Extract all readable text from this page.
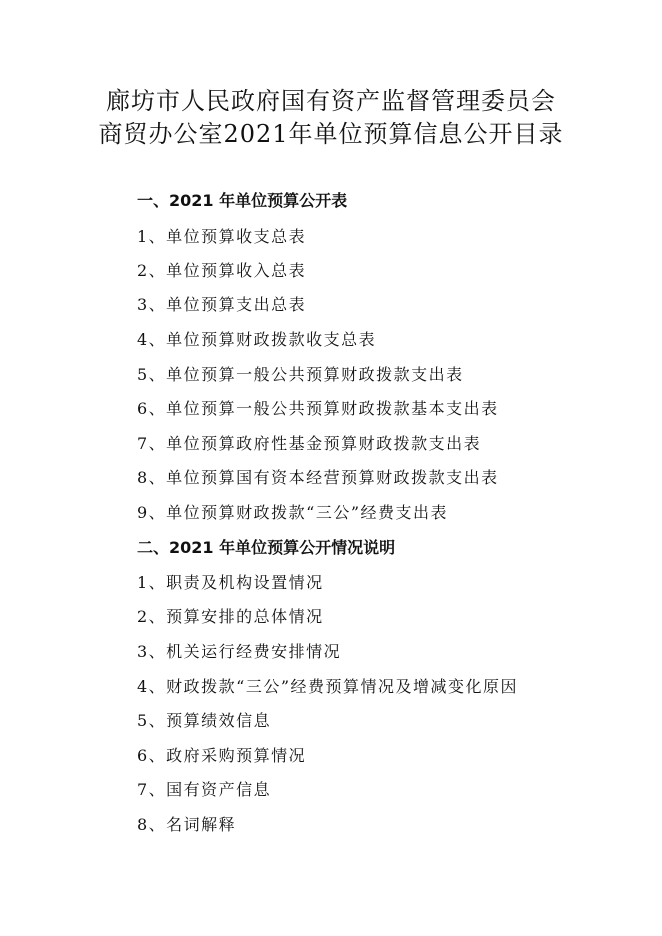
廊坊市人民政府国有资产监督管理委员会
商贸办公室2021年单位预算信息公开目录
一、2021 年单位预算公开表
1、单位预算收支总表
2、单位预算收入总表
3、单位预算支出总表
4、单位预算财政拨款收支总表
5、单位预算一般公共预算财政拨款支出表
6、单位预算一般公共预算财政拨款基本支出表
7、单位预算政府性基金预算财政拨款支出表
8、单位预算国有资本经营预算财政拨款支出表
9、单位预算财政拨款“三公”经费支出表
二、2021 年单位预算公开情况说明
1、职责及机构设置情况
2、预算安排的总体情况
3、机关运行经费安排情况
4、财政拨款“三公”经费预算情况及增减变化原因
5、预算绩效信息
6、政府采购预算情况
7、国有资产信息
8、名词解释
